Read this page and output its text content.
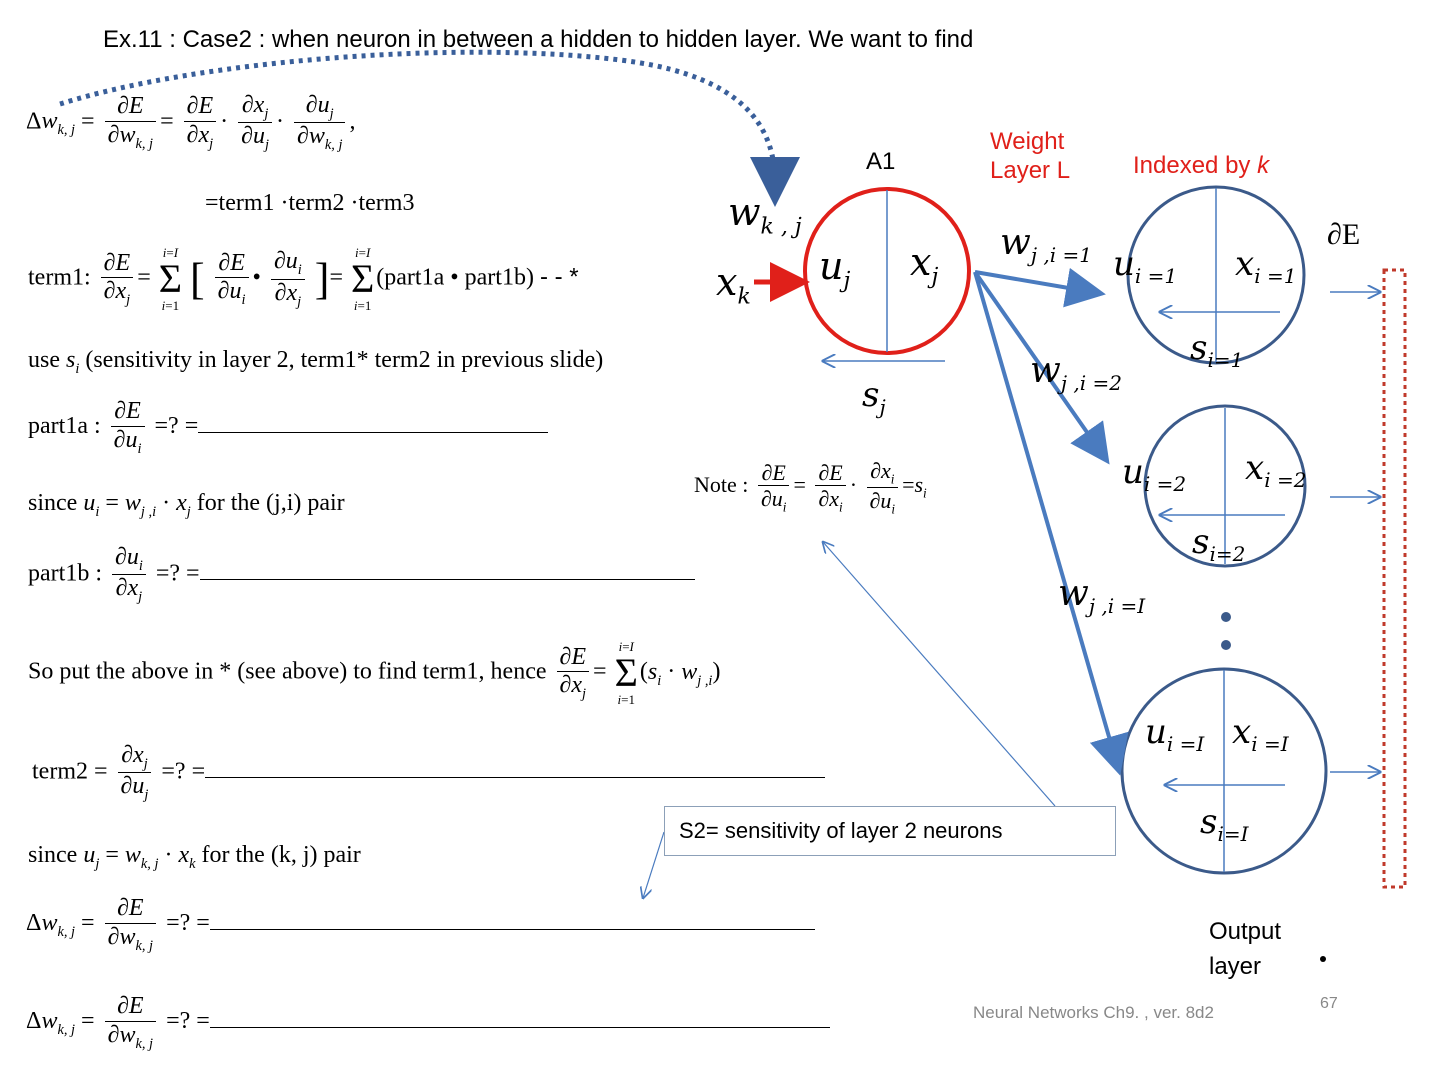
Ex.11 : Case2 : when neuron in between a hidden to hidden layer. We want to find
A1
Weight
Layer L	Indexed by k
∂E
$w_{k , j}$
$x_k$
$u_j$ $x_j$
$s_j$
$w_{j ,i =1}$
$w_{j ,i =2}$
$w_{j ,i =I}$
$u_{i =1}$ $x_{i =1}$
$s_{i=1}$
$u_{i =2}$ $x_{i =2}$
$s_{i=2}$
$u_{i =I}$ $x_{i =I}$
$s_{i=I}$
Output
layer
S2= sensitivity of layer 2 neurons
Note : $\frac{\partial E}{\partial u_i} = \frac{\partial E}{\partial x_i} \cdot \frac{\partial x_i}{\partial u_i} =s_i$
$\Delta w_{k, j} = \frac{\partial E}{\partial w_{k, j}} = \frac{\partial E}{\partial x_j} \cdot \frac{\partial x_j}{\partial u_j} \cdot \frac{\partial u_j}{\partial w_{k, j}}$ ,
=term1 ·term2 ·term3
term1: $\frac{\partial E}{\partial x_j} = i=I$
Σ
i=1 [ $\frac{\partial E}{\partial u_i}$ • $\frac{\partial u_i}{\partial x_j}$ ]= i=I
Σ
i=1(part1a • part1b) - - *
use $s_i$ (sensitivity in layer 2, term1* term2 in previous slide)
part1a : $\frac{\partial E}{\partial u_i}$ =? =
since $u_i = w_{j ,i} \cdot x_j$ for the (j,i) pair
part1b : $\frac{\partial u_i}{\partial x_j}$ =? =
So put the above in * (see above) to find term1, hence $\frac{\partial E}{\partial x_j} = i=I$
Σ
$i=1(s_i \cdot w_{j ,i})$
term2 = $\frac{\partial x_j}{\partial u_j}$ =? =
since $u_j = w_{k, j} \cdot x_k$ for the (k, j) pair
$\Delta w_{k, j} = \frac{\partial E}{\partial w_{k, j}}$ =? =
$\Delta w_{k, j} = \frac{\partial E}{\partial w_{k, j}}$ =? =	Neural Networks Ch9. , ver. 8d2	67
